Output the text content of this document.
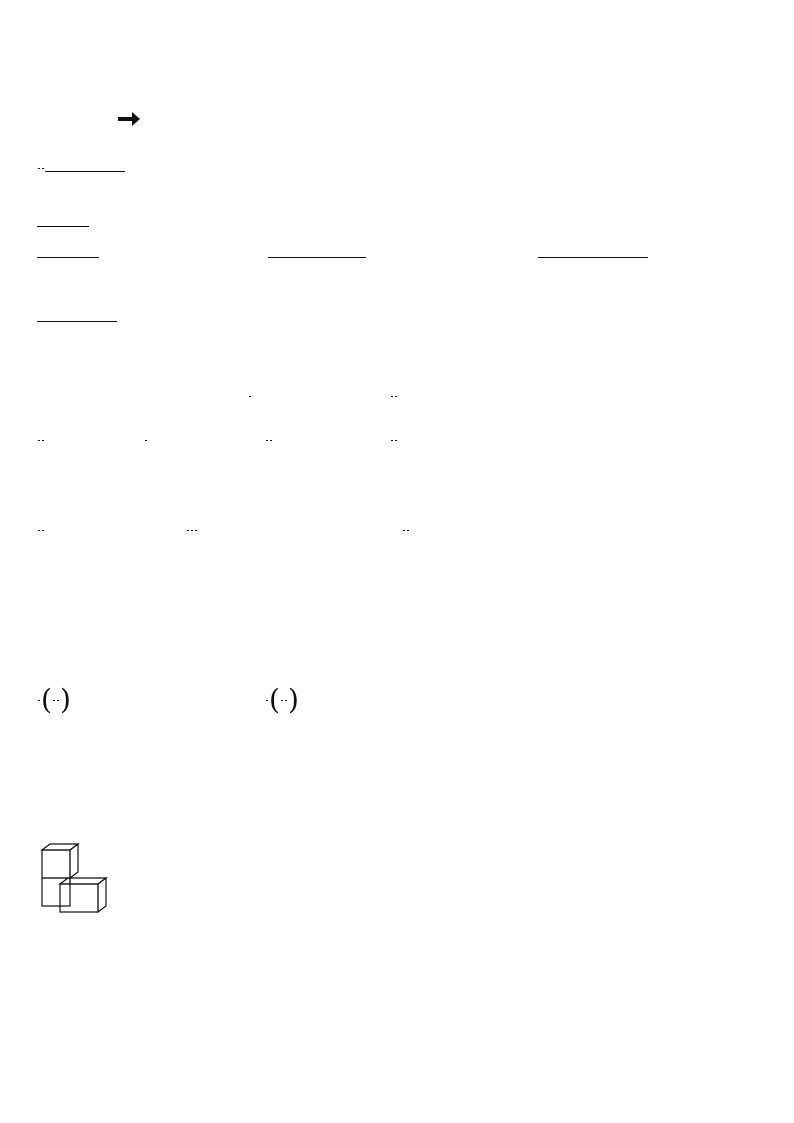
( )	( )
